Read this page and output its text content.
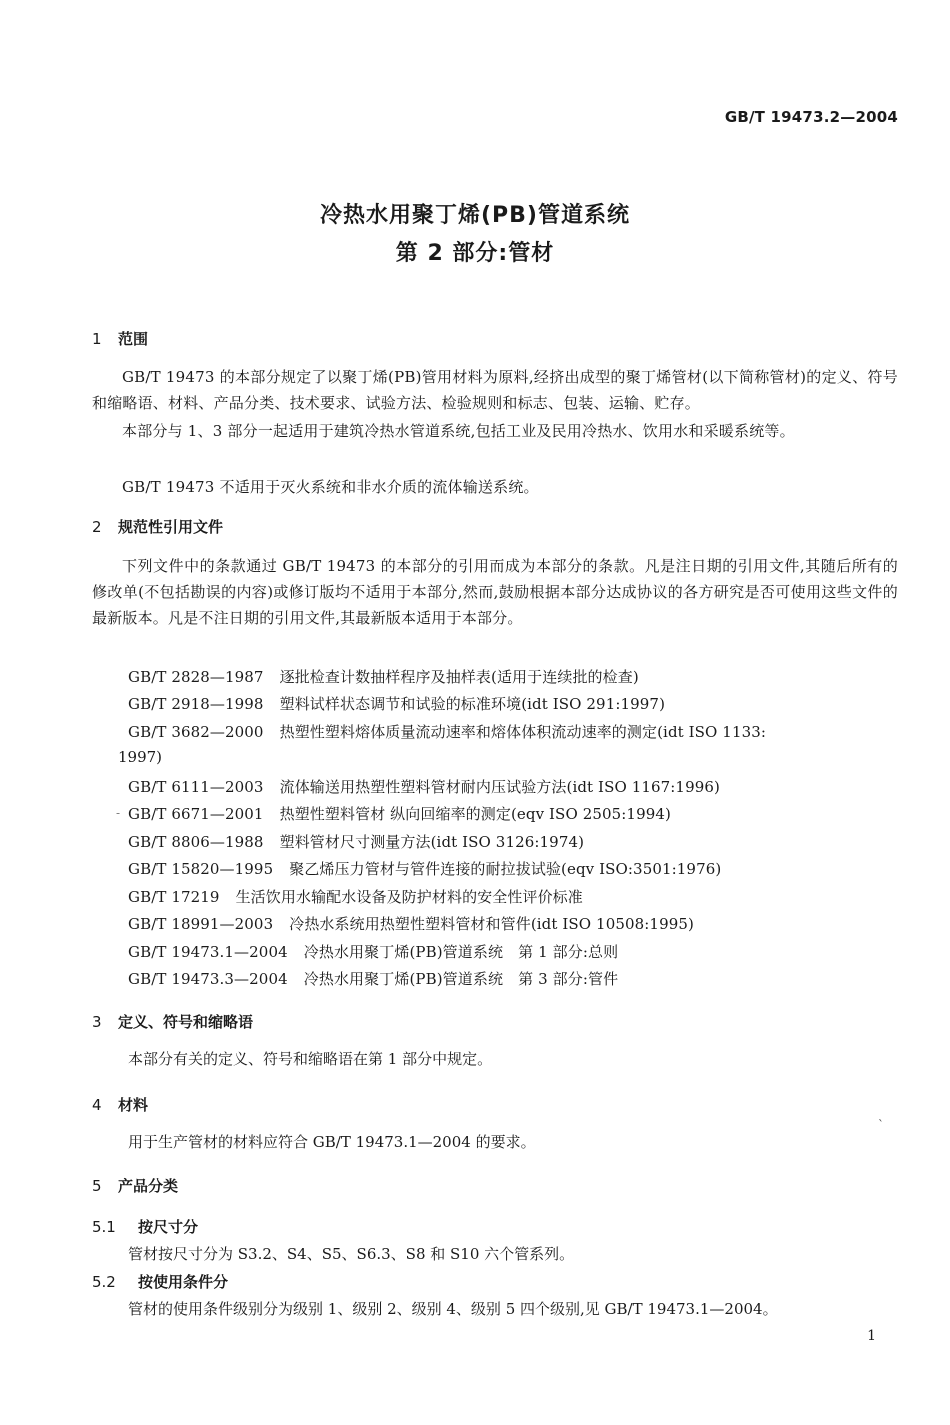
GB/T 19473.2—2004
冷热水用聚丁烯(PB)管道系统
第 2 部分:管材
1 范围
GB/T 19473 的本部分规定了以聚丁烯(PB)管用材料为原料,经挤出成型的聚丁烯管材(以下简称管材)的定义、符号和缩略语、材料、产品分类、技术要求、试验方法、检验规则和标志、包装、运输、贮存。
本部分与 1、3 部分一起适用于建筑冷热水管道系统,包括工业及民用冷热水、饮用水和采暖系统等。
GB/T 19473 不适用于灭火系统和非水介质的流体输送系统。
2 规范性引用文件
下列文件中的条款通过 GB/T 19473 的本部分的引用而成为本部分的条款。凡是注日期的引用文件,其随后所有的修改单(不包括勘误的内容)或修订版均不适用于本部分,然而,鼓励根据本部分达成协议的各方研究是否可使用这些文件的最新版本。凡是不注日期的引用文件,其最新版本适用于本部分。
GB/T 2828—1987 逐批检查计数抽样程序及抽样表(适用于连续批的检查)
GB/T 2918—1998 塑料试样状态调节和试验的标准环境(idt ISO 291:1997)
GB/T 3682—2000 热塑性塑料熔体质量流动速率和熔体体积流动速率的测定(idt ISO 1133:
1997)
GB/T 6111—2003 流体输送用热塑性塑料管材耐内压试验方法(idt ISO 1167:1996)
- GB/T 6671—2001 热塑性塑料管材 纵向回缩率的测定(eqv ISO 2505:1994)
GB/T 8806—1988 塑料管材尺寸测量方法(idt ISO 3126:1974)
GB/T 15820—1995 聚乙烯压力管材与管件连接的耐拉拔试验(eqv ISO:3501:1976)
GB/T 17219 生活饮用水输配水设备及防护材料的安全性评价标准
GB/T 18991—2003 冷热水系统用热塑性塑料管材和管件(idt ISO 10508:1995)
GB/T 19473.1—2004 冷热水用聚丁烯(PB)管道系统　第 1 部分:总则
GB/T 19473.3—2004 冷热水用聚丁烯(PB)管道系统　第 3 部分:管件
3 定义、符号和缩略语
本部分有关的定义、符号和缩略语在第 1 部分中规定。
4 材料
`
用于生产管材的材料应符合 GB/T 19473.1—2004 的要求。
5 产品分类
5.1 按尺寸分
管材按尺寸分为 S3.2、S4、S5、S6.3、S8 和 S10 六个管系列。
5.2 按使用条件分
管材的使用条件级别分为级别 1、级别 2、级别 4、级别 5 四个级别,见 GB/T 19473.1—2004。
1
